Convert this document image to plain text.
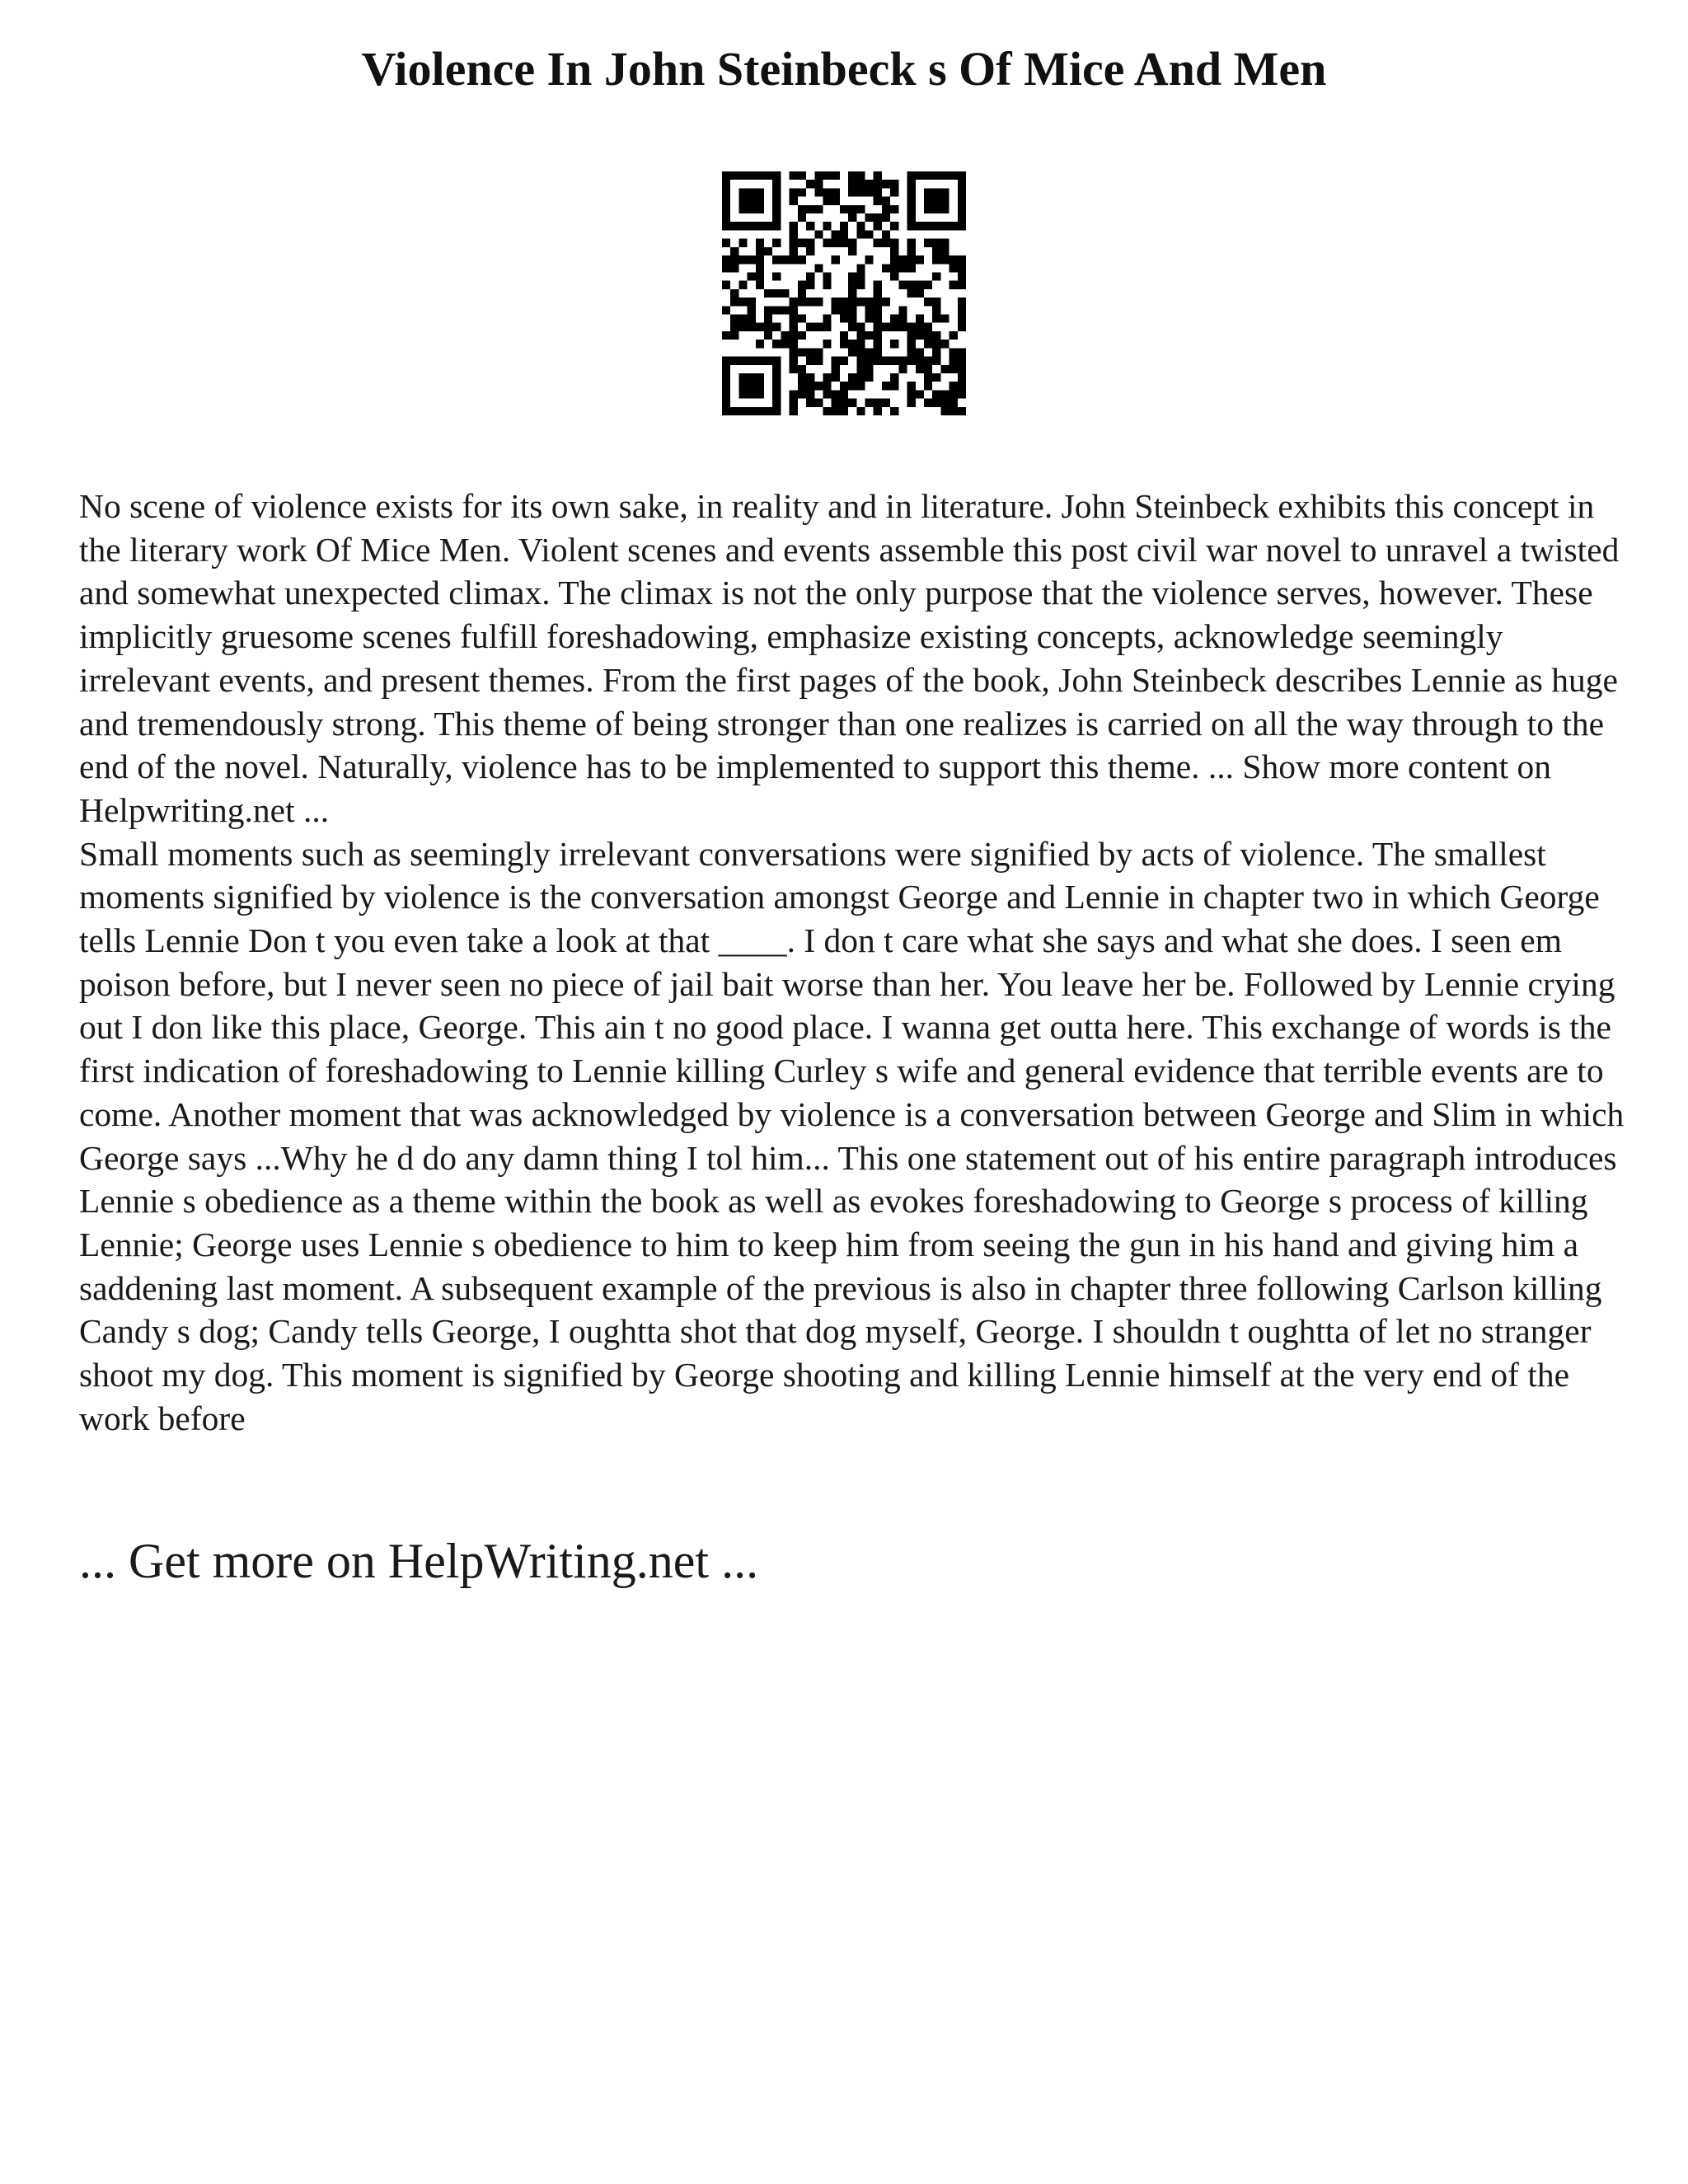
Violence In John Steinbeck s Of Mice And Men

No scene of violence exists for its own sake, in reality and in literature. John Steinbeck exhibits this concept in the literary work Of Mice Men. Violent scenes and events assemble this post civil war novel to unravel a twisted and somewhat unexpected climax. The climax is not the only purpose that the violence serves, however. These implicitly gruesome scenes fulfill foreshadowing, emphasize existing concepts, acknowledge seemingly irrelevant events, and present themes. From the first pages of the book, John Steinbeck describes Lennie as huge and tremendously strong. This theme of being stronger than one realizes is carried on all the way through to the end of the novel. Naturally, violence has to be implemented to support this theme. ... Show more content on Helpwriting.net ...

Small moments such as seemingly irrelevant conversations were signified by acts of violence. The smallest moments signified by violence is the conversation amongst George and Lennie in chapter two in which George tells Lennie Don t you even take a look at that ____. I don t care what she says and what she does. I seen em poison before, but I never seen no piece of jail bait worse than her. You leave her be. Followed by Lennie crying out I don like this place, George. This ain t no good place. I wanna get outta here. This exchange of words is the first indication of foreshadowing to Lennie killing Curley s wife and general evidence that terrible events are to come. Another moment that was acknowledged by violence is a conversation between George and Slim in which George says ...Why he d do any damn thing I tol him... This one statement out of his entire paragraph introduces Lennie s obedience as a theme within the book as well as evokes foreshadowing to George s process of killing Lennie; George uses Lennie s obedience to him to keep him from seeing the gun in his hand and giving him a saddening last moment. A subsequent example of the previous is also in chapter three following Carlson killing Candy s dog; Candy tells George, I oughtta shot that dog myself, George. I shouldn t oughtta of let no stranger shoot my dog. This moment is signified by George shooting and killing Lennie himself at the very end of the work before

... Get more on HelpWriting.net ...
